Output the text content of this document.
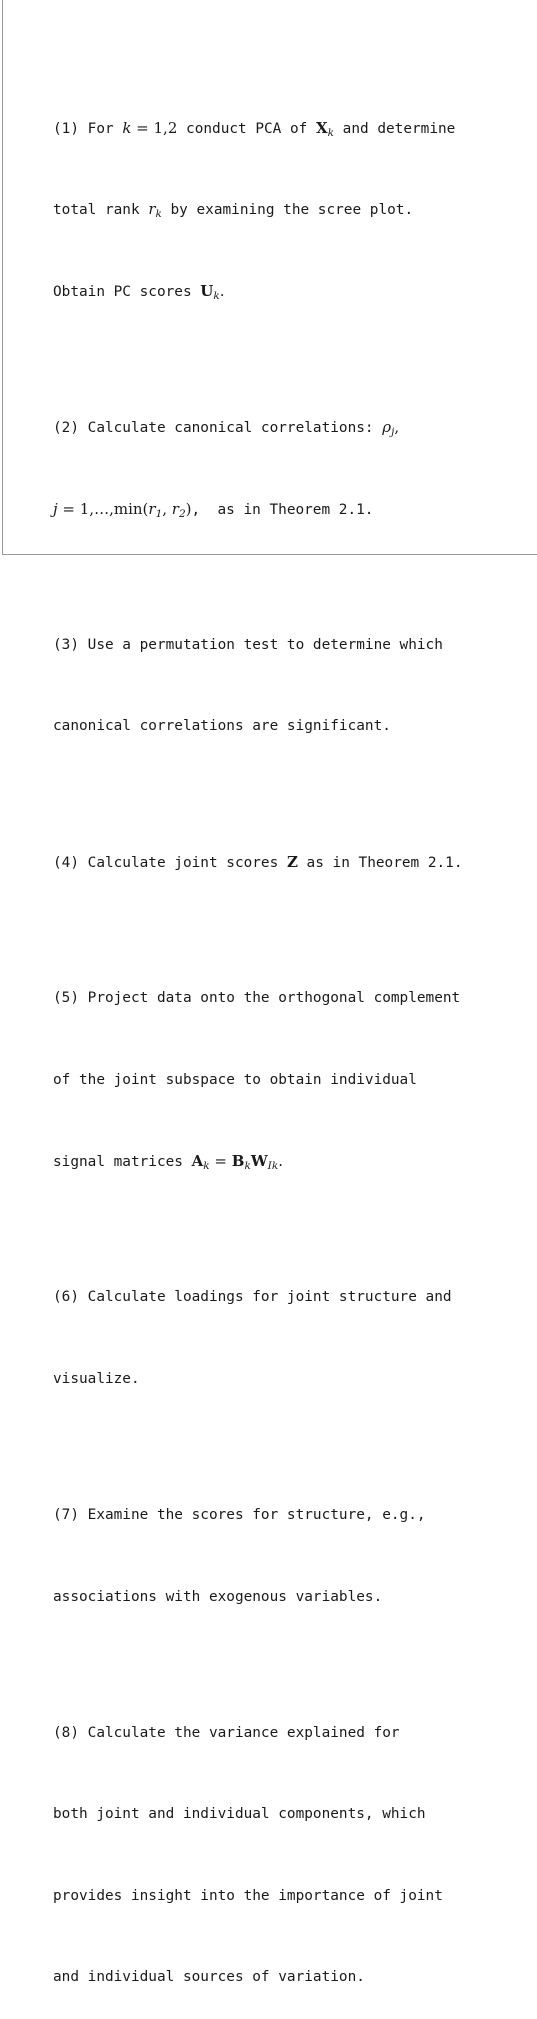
(1) For k = 1,2 conduct PCA of $X_k$ and determine

total rank $r_k$ by examining the scree plot.

Obtain PC scores $U_k$.

(2) Calculate canonical correlations: $\rho_j$,

$j = 1,\dots,\min(r_1$, $r_2$),  as in Theorem 2.1.

(3) Use a permutation test to determine which

canonical correlations are significant.

(4) Calculate joint scores Z as in Theorem 2.1.

(5) Project data onto the orthogonal complement

of the joint subspace to obtain individual

signal matrices $A_k = B_kW_{Ik}$.

(6) Calculate loadings for joint structure and

visualize.

(7) Examine the scores for structure, e.g.,

associations with exogenous variables.

(8) Calculate the variance explained for

both joint and individual components, which

provides insight into the importance of joint

and individual sources of variation.
